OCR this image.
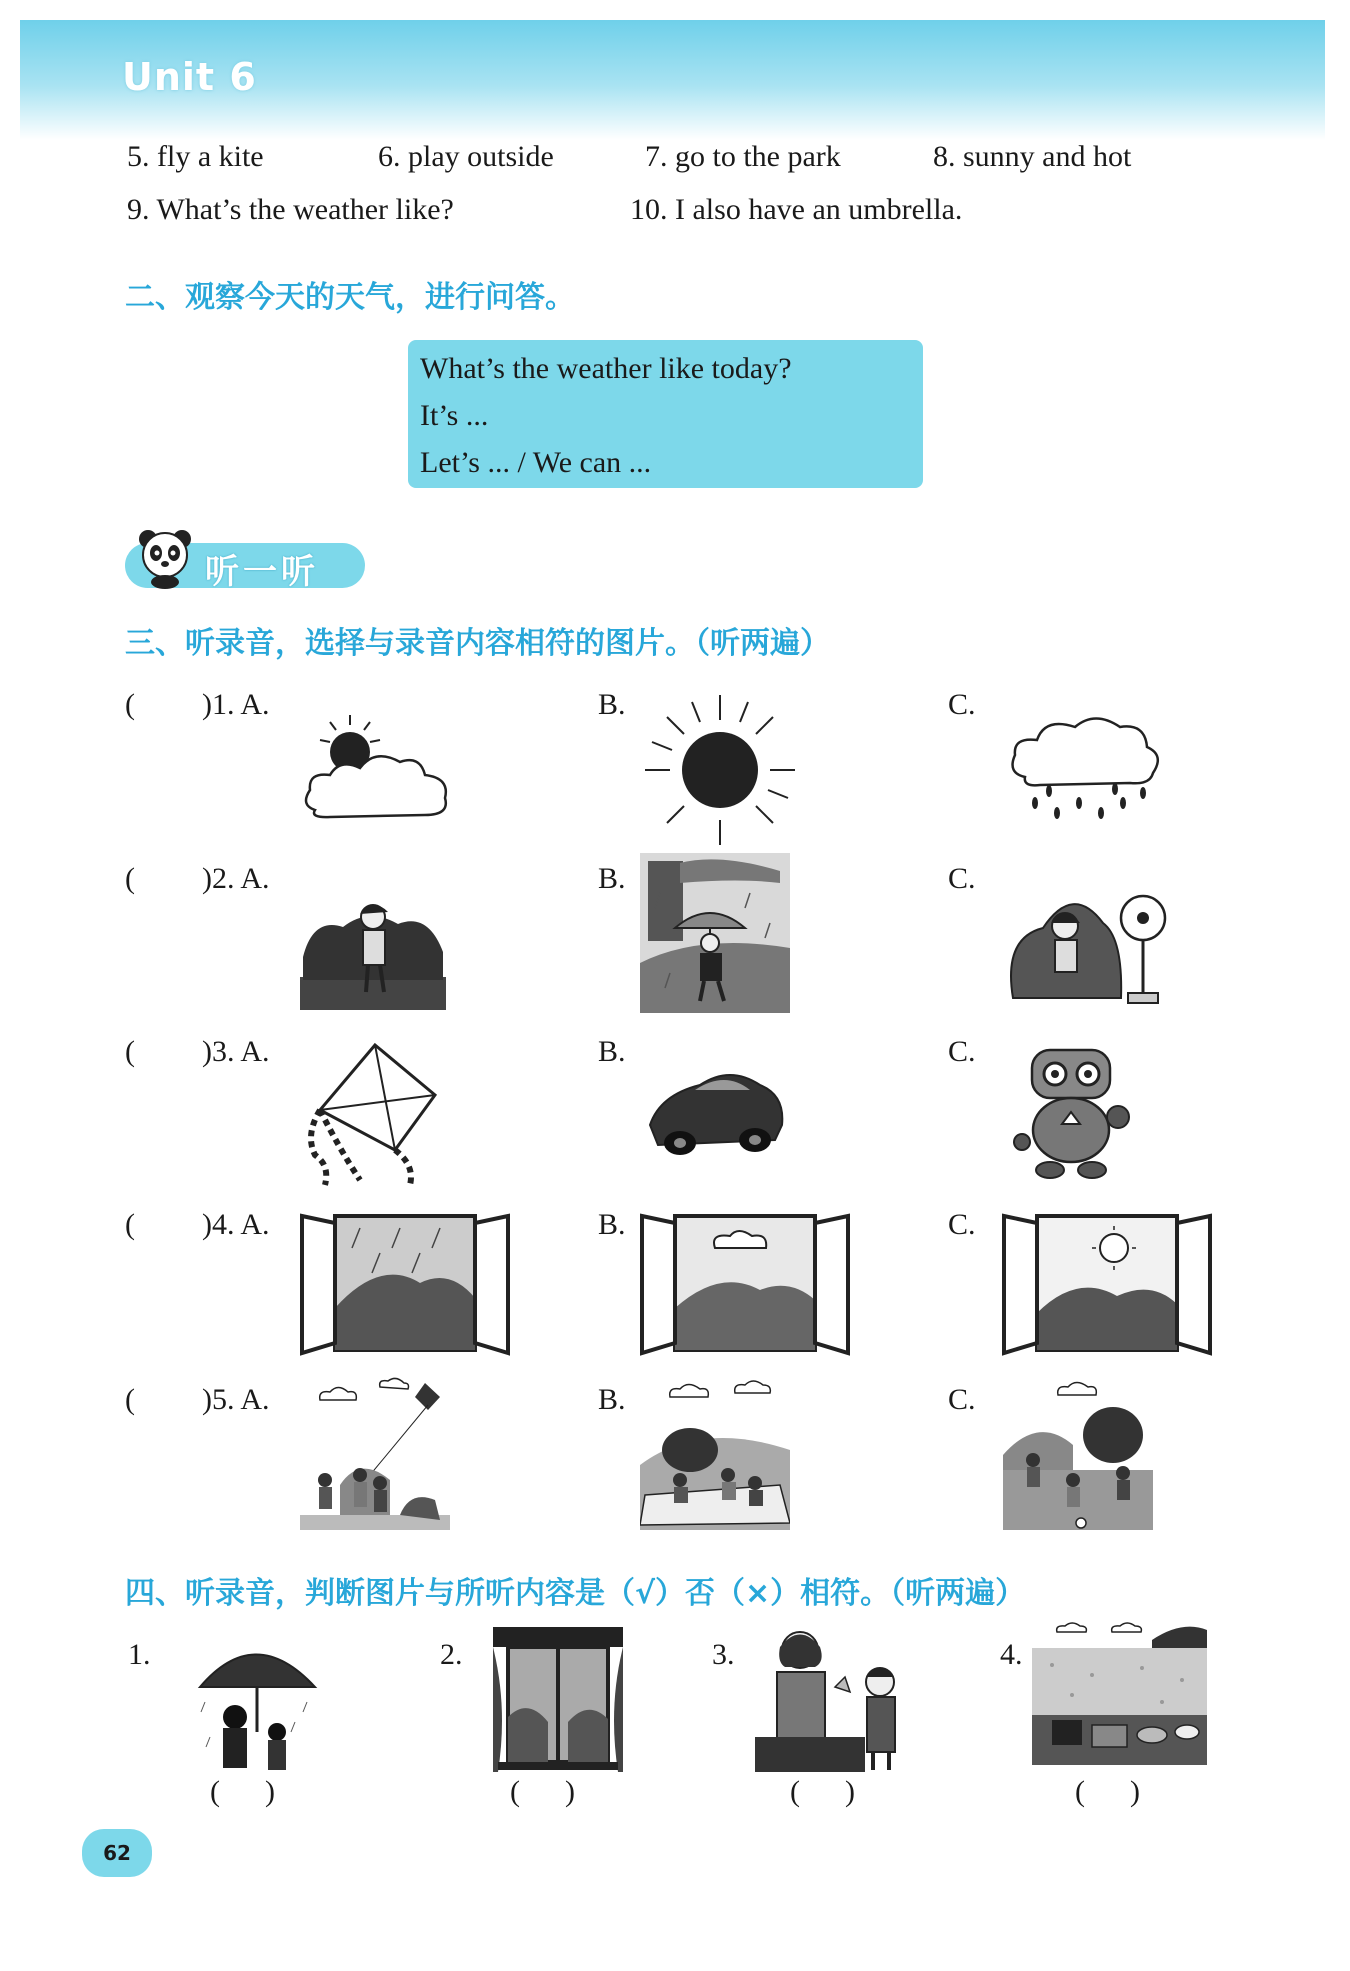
Unit 6
5. fly a kite	6. play outside	7. go to the park	8. sunny and hot
9. What’s the weather like?	10. I also have an umbrella.
二、观察今天的天气，进行问答。
What’s the weather like today?
It’s ...
Let’s ... / We can ...
听一听
三、听录音，选择与录音内容相符的图片。（听两遍）
( )1. A.	B.	C.
( )2. A.	B.	C.
( )3. A.	B.	C.
( )4. A.	B.	C.
( )5. A.	B.	C.
四、听录音，判断图片与所听内容是（√）否（×）相符。（听两遍）
1.	2.	3.	4.
(      )	(      )	(      )	(      )
62
